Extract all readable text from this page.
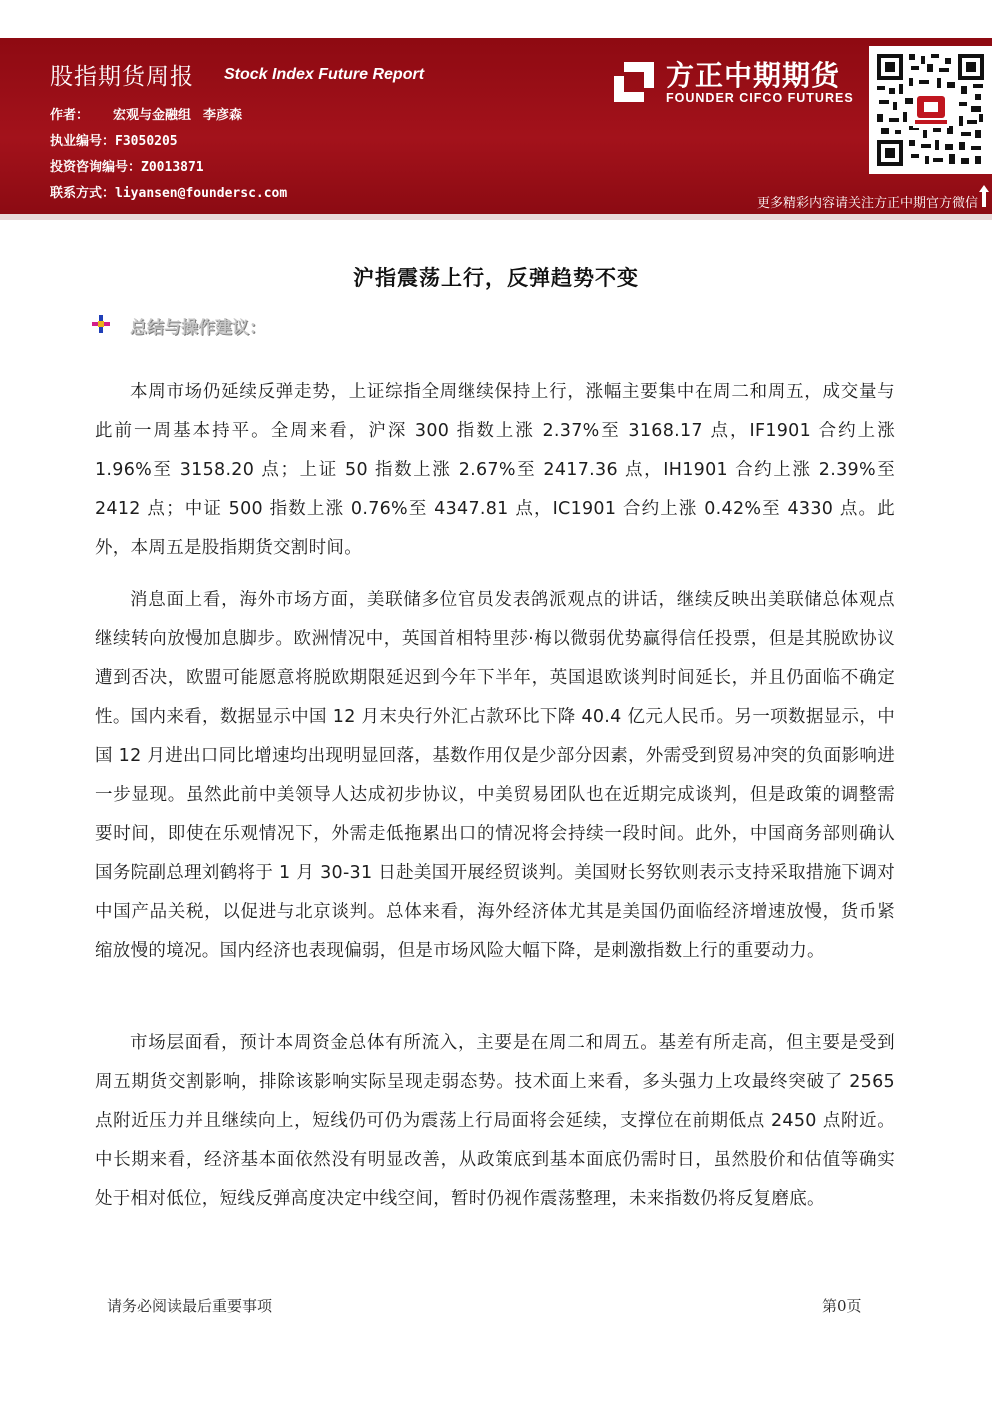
股指期货周报 Stock Index Future Report
作者： 宏观与金融组 李彦森
执业编号：F3050205
投资咨询编号：Z0013871
联系方式：liyansen@foundersc.com
方正中期期货
FOUNDER CIFCO FUTURES
更多精彩内容请关注方正中期官方微信
沪指震荡上行，反弹趋势不变
总结与操作建议：

本周市场仍延续反弹走势，上证综指全周继续保持上行，涨幅主要集中在周二和周五，成交量与此前一周基本持平。全周来看，沪深 300 指数上涨 2.37%至 3168.17 点，IF1901 合约上涨 1.96%至 3158.20 点；上证 50 指数上涨 2.67%至 2417.36 点，IH1901 合约上涨 2.39%至 2412 点；中证 500 指数上涨 0.76%至 4347.81 点，IC1901 合约上涨 0.42%至 4330 点。此外，本周五是股指期货交割时间。

消息面上看，海外市场方面，美联储多位官员发表鸽派观点的讲话，继续反映出美联储总体观点继续转向放慢加息脚步。欧洲情况中，英国首相特里莎·梅以微弱优势赢得信任投票，但是其脱欧协议遭到否决，欧盟可能愿意将脱欧期限延迟到今年下半年，英国退欧谈判时间延长，并且仍面临不确定性。国内来看，数据显示中国 12 月末央行外汇占款环比下降 40.4 亿元人民币。另一项数据显示，中国 12 月进出口同比增速均出现明显回落，基数作用仅是少部分因素，外需受到贸易冲突的负面影响进一步显现。虽然此前中美领导人达成初步协议，中美贸易团队也在近期完成谈判，但是政策的调整需要时间，即使在乐观情况下，外需走低拖累出口的情况将会持续一段时间。此外，中国商务部则确认国务院副总理刘鹤将于 1 月 30-31 日赴美国开展经贸谈判。美国财长努钦则表示支持采取措施下调对中国产品关税，以促进与北京谈判。总体来看，海外经济体尤其是美国仍面临经济增速放慢，货币紧缩放慢的境况。国内经济也表现偏弱，但是市场风险大幅下降，是刺激指数上行的重要动力。

市场层面看，预计本周资金总体有所流入，主要是在周二和周五。基差有所走高，但主要是受到周五期货交割影响，排除该影响实际呈现走弱态势。技术面上来看，多头强力上攻最终突破了 2565 点附近压力并且继续向上，短线仍可仍为震荡上行局面将会延续，支撑位在前期低点 2450 点附近。中长期来看，经济基本面依然没有明显改善，从政策底到基本面底仍需时日，虽然股价和估值等确实处于相对低位，短线反弹高度决定中线空间，暂时仍视作震荡整理，未来指数仍将反复磨底。

请务必阅读最后重要事项	第0页
